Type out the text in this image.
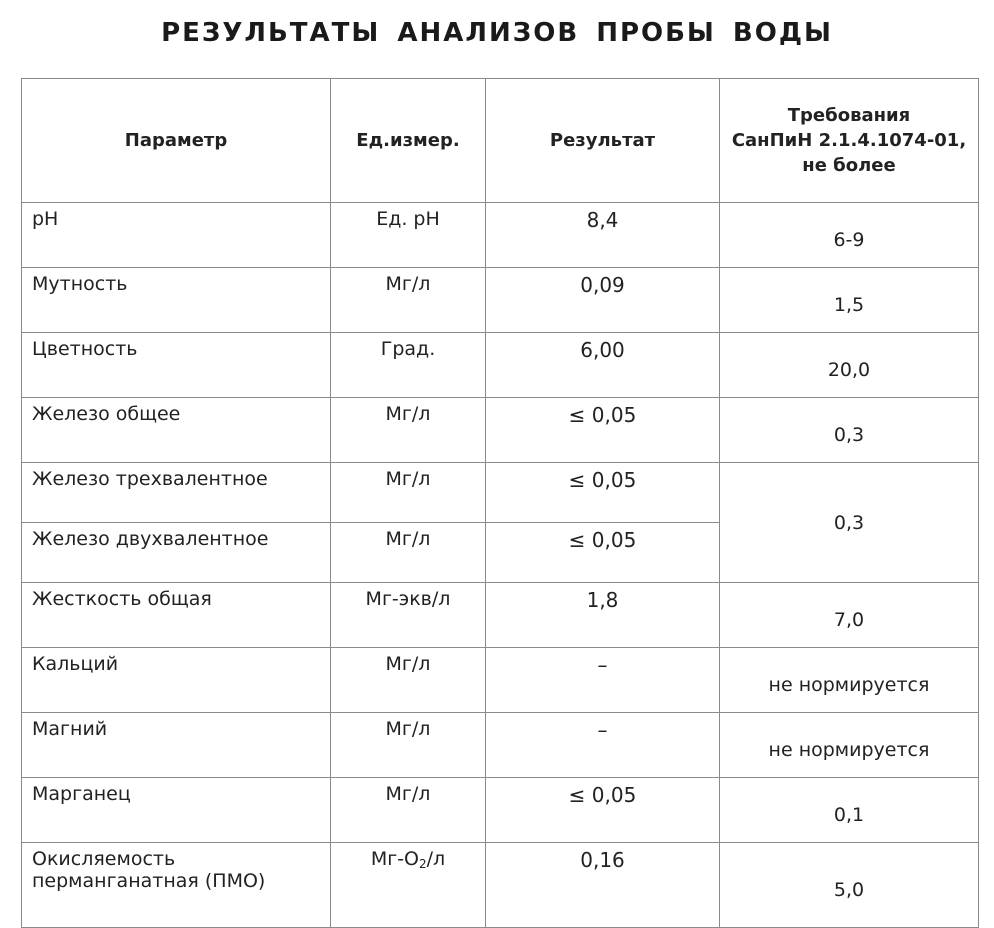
РЕЗУЛЬТАТЫ АНАЛИЗОВ ПРОБЫ ВОДЫ
Параметр	Ед.измер.	Результат	Требования
СанПиН 2.1.4.1074-01,
не более

pH	Ед. pH	8,4	6-9
Мутность	Мг/л	0,09	1,5
Цветность	Град.	6,00	20,0
Железо общее	Мг/л	≤ 0,05	0,3
Железо трехвалентное	Мг/л	≤ 0,05	0,3
Железо двухвалентное	Мг/л	≤ 0,05	
Жесткость общая	Мг-экв/л	1,8	7,0
Кальций	Мг/л	–	не нормируется
Магний	Мг/л	–	не нормируется
Марганец	Мг/л	≤ 0,05	0,1

Окисляемость
перманганатная (ПМО)	$Мг-O_2/л$	0,16	5,0
